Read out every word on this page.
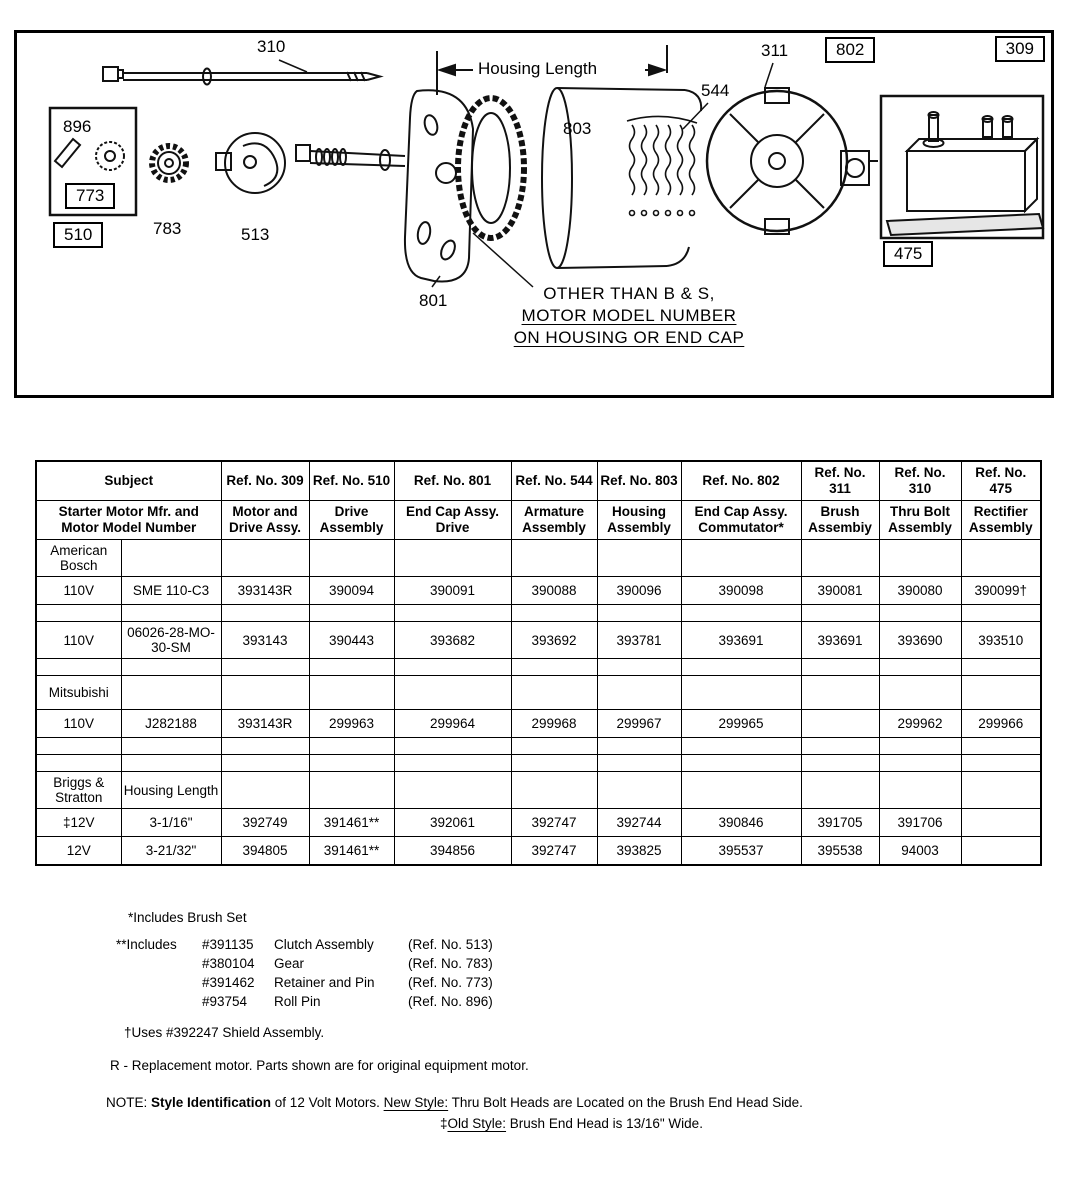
310
Housing Length
311	802	309
544
803
896
773
510	783	513
801
475
OTHER THAN B & S,
MOTOR MODEL NUMBER
ON HOUSING OR END CAP
Subject		Ref. No. 309	Ref. No. 510	Ref. No. 801	Ref. No. 544	Ref. No. 803	Ref. No. 802	Ref. No. 311	Ref. No. 310	Ref. No. 475
Starter Motor Mfr. and Motor Model Number		Motor and Drive Assy.	Drive Assembly	End Cap Assy. Drive	Armature Assembly	Housing Assembly	End Cap Assy. Commutator*	Brush Assembiy	Thru Bolt Assembly	Rectifier Assembly
American Bosch										
110V	SME 110-C3	393143R	390094	390091	390088	390096	390098	390081	390080	390099†

110V	06026-28-MO-30-SM	393143	390443	393682	393692	393781	393691	393691	393690	393510

Mitsubishi										
110V	J282188	393143R	299963	299964	299968	299967	299965		299962	299966

Briggs & Stratton	Housing Length									
‡12V	3-1/16"	392749	391461**	392061	392747	392744	390846	391705	391706	
12V	3-21/32"	394805	391461**	394856	392747	393825	395537	395538	94003	
*Includes Brush Set
**Includes	#391135	Clutch Assembly	(Ref. No. 513)
#380104	Gear	(Ref. No. 783)
#391462	Retainer and Pin	(Ref. No. 773)
#93754	Roll Pin	(Ref. No. 896)
†Uses #392247 Shield Assembly.
R - Replacement motor. Parts shown are for original equipment motor.
NOTE: Style Identification of 12 Volt Motors. New Style: Thru Bolt Heads are Located on the Brush End Head Side.
‡Old Style: Brush End Head is 13/16" Wide.
